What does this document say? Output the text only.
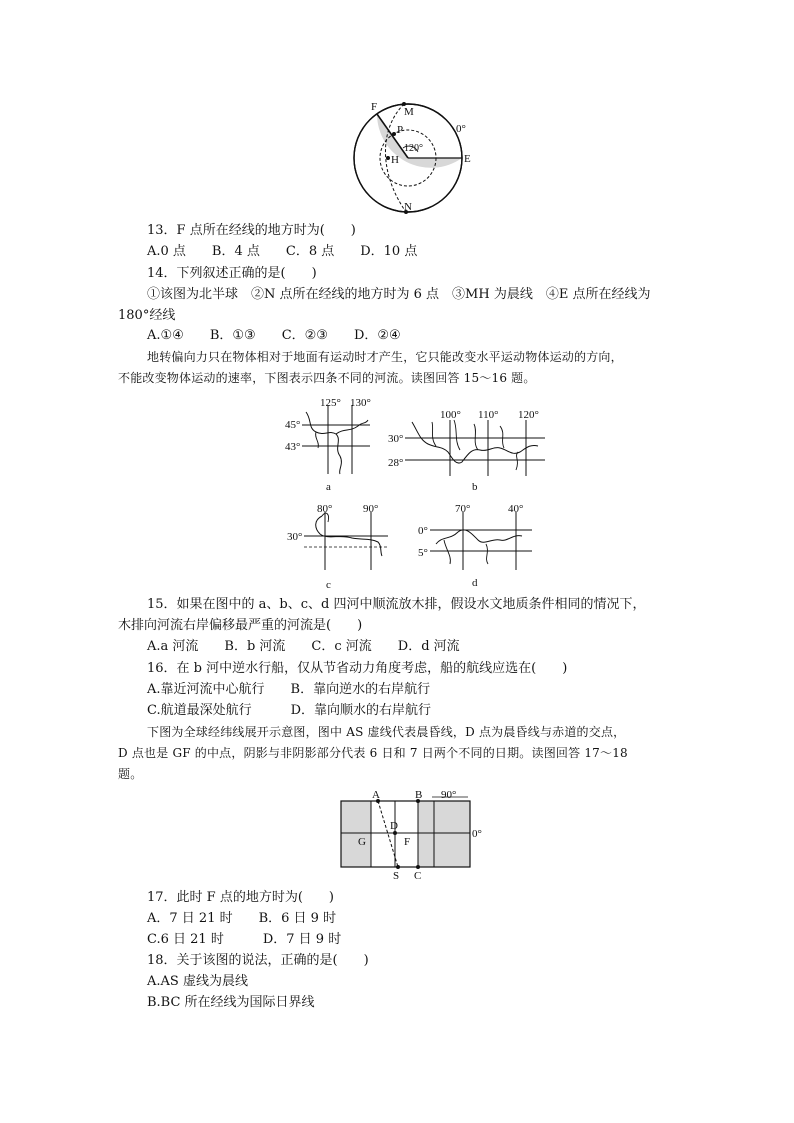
F M
P	0°
120°
H	E
N
13．F 点所在经线的地方时为(　　)
A.0 点　　B．4 点　　C．8 点　　D．10 点
14．下列叙述正确的是(　　)
①该图为北半球　②N 点所在经线的地方时为 6 点　③MH 为晨线　④E 点所在经线为
180°经线
A.①④　　B．①③　　C．②③　　D．②④
地转偏向力只在物体相对于地面有运动时才产生，它只能改变水平运动物体运动的方向，
不能改变物体运动的速率，下图表示四条不同的河流。读图回答 15～16 题。
125° 130°
45°
43°
a
100° 110° 120°
30°
28°
b
80°	90°
30°
c
70°	40°
0°
5°
d
15．如果在图中的 a、b、c、d 四河中顺流放木排，假设水文地质条件相同的情况下，
木排向河流右岸偏移最严重的河流是(　　)
A.a 河流　　B．b 河流　　C．c 河流　　D．d 河流
16．在 b 河中逆水行船，仅从节省动力角度考虑，船的航线应选在(　　)
A.靠近河流中心航行　　B．靠向逆水的右岸航行
C.航道最深处航行　　　D．靠向顺水的右岸航行
下图为全球经纬线展开示意图，图中 AS 虚线代表晨昏线，D 点为晨昏线与赤道的交点，
D 点也是 GF 的中点，阴影与非阴影部分代表 6 日和 7 日两个不同的日期。读图回答 17～18
题。
A	B 90°
0°
D
G	F
S C
17．此时 F 点的地方时为(　　)
A．7 日 21 时　　B．6 日 9 时
C.6 日 21 时　　　D．7 日 9 时
18．关于该图的说法，正确的是(　　)
A.AS 虚线为晨线
B.BC 所在经线为国际日界线
